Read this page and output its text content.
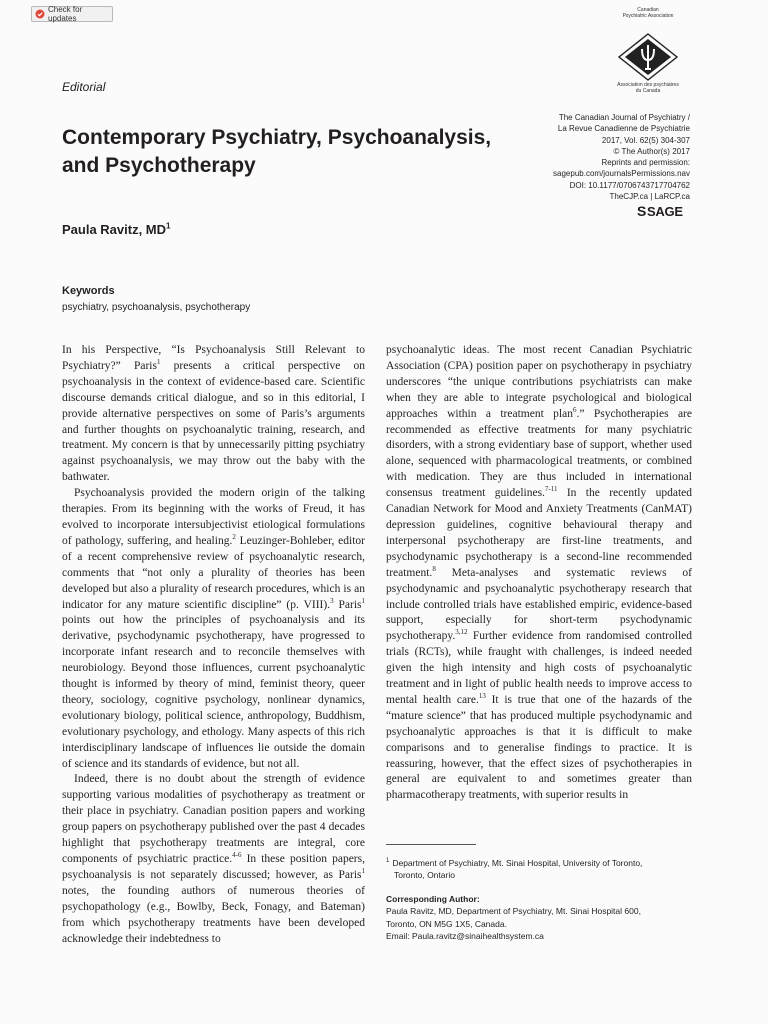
Check for updates
Canadian
Psychiatric Association
Association des psychiatres
du Canada
Editorial
Contemporary Psychiatry, Psychoanalysis, and Psychotherapy
The Canadian Journal of Psychiatry /
La Revue Canadienne de Psychiatrie
2017, Vol. 62(5) 304-307
© The Author(s) 2017
Reprints and permission:
sagepub.com/journalsPermissions.nav
DOI: 10.1177/0706743717704762
TheCJP.ca | LaRCP.ca
S SAGE
Paula Ravitz, $MD^1$
Keywords
psychiatry, psychoanalysis, psychotherapy

In his Perspective, “Is Psychoanalysis Still Relevant to Psychiatry?” Paris$^1$ presents a critical perspective on psychoanalysis in the context of evidence-based care. Scientific discourse demands critical dialogue, and so in this editorial, I provide alternative perspectives on some of Paris’s arguments and further thoughts on psychoanalytic training, research, and treatment. My concern is that by unnecessarily pitting psychiatry against psychoanalysis, we may throw out the baby with the bathwater.

Psychoanalysis provided the modern origin of the talking therapies. From its beginning with the works of Freud, it has evolved to incorporate intersubjectivist etiological formulations of pathology, suffering, and healing.$^2$ Leuzinger-Bohleber, editor of a recent comprehensive review of psychoanalytic research, comments that “not only a plurality of theories has been developed but also a plurality of research procedures, which is an indicator for any mature scientific discipline” (p. VIII).$^3$ Paris$^1$ points out how the principles of psychoanalysis and its derivative, psychodynamic psychotherapy, have progressed to incorporate infant research and to reconcile themselves with neurobiology. Beyond those influences, current psychoanalytic thought is informed by theory of mind, feminist theory, queer theory, sociology, cognitive psychology, nonlinear dynamics, evolutionary biology, political science, anthropology, Buddhism, evolutionary psychology, and ethology. Many aspects of this rich interdisciplinary landscape of influences lie outside the domain of science and its standards of evidence, but not all.

Indeed, there is no doubt about the strength of evidence supporting various modalities of psychotherapy as treatment or their place in psychiatry. Canadian position papers and working group papers on psychotherapy published over the past 4 decades highlight that psychotherapy treatments are integral, core components of psychiatric practice.$^{4-6}$ In these position papers, psychoanalysis is not separately discussed; however, as Paris$^1$ notes, the founding authors of numerous theories of psychopathology (e.g., Bowlby, Beck, Fonagy, and Bateman) from which psychotherapy treatments have been developed acknowledge their indebtedness to

psychoanalytic ideas. The most recent Canadian Psychiatric Association (CPA) position paper on psychotherapy in psychiatry underscores “the unique contributions psychiatrists can make when they are able to integrate psychological and biological approaches within a treatment plan$^6$.” Psychotherapies are recommended as effective treatments for many psychiatric disorders, with a strong evidentiary base of support, whether used alone, sequenced with pharmacological treatments, or combined with medication. They are thus included in international consensus treatment guidelines.$^{7-11}$ In the recently updated Canadian Network for Mood and Anxiety Treatments (CanMAT) depression guidelines, cognitive behavioural therapy and interpersonal psychotherapy are first-line treatments, and psychodynamic psychotherapy is a second-line recommended treatment.$^8$ Meta-analyses and systematic reviews of psychodynamic and psychoanalytic psychotherapy research that include controlled trials have established empiric, evidence-based support, especially for short-term psychodynamic psychotherapy.$^{3,12}$ Further evidence from randomised controlled trials (RCTs), while fraught with challenges, is indeed needed given the high intensity and high costs of psychoanalytic treatment and in light of public health needs to improve access to mental health care.$^{13}$ It is true that one of the hazards of the “mature science” that has produced multiple psychodynamic and psychoanalytic approaches is that it is difficult to make comparisons and to generalise findings to practice. It is reassuring, however, that the effect sizes of psychotherapies in general are equivalent to and sometimes greater than pharmacotherapy treatments, with superior results in

$^1$ Department of Psychiatry, Mt. Sinai Hospital, University of Toronto,
Toronto, Ontario
Corresponding Author:
Paula Ravitz, MD, Department of Psychiatry, Mt. Sinai Hospital 600,
Toronto, ON M5G 1X5, Canada.
Email: Paula.ravitz@sinaihealthsystem.ca
